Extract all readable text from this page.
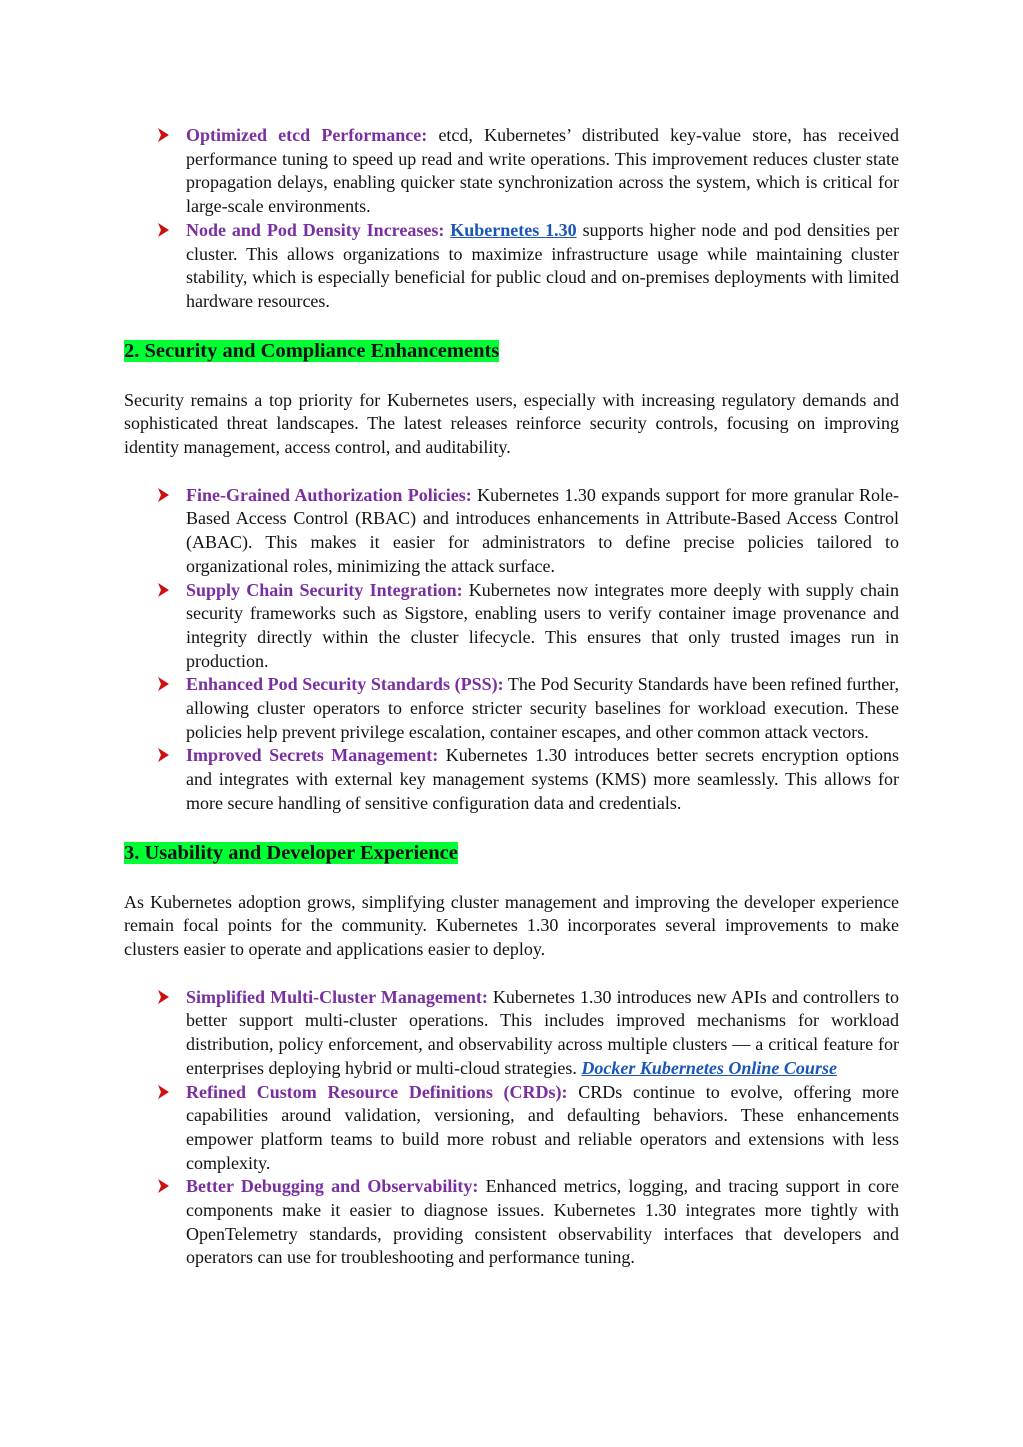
Optimized etcd Performance: etcd, Kubernetes’ distributed key-value store, has received performance tuning to speed up read and write operations. This improvement reduces cluster state propagation delays, enabling quicker state synchronization across the system, which is critical for large-scale environments.
Node and Pod Density Increases: Kubernetes 1.30 supports higher node and pod densities per cluster. This allows organizations to maximize infrastructure usage while maintaining cluster stability, which is especially beneficial for public cloud and on-premises deployments with limited hardware resources.
2. Security and Compliance Enhancements

Security remains a top priority for Kubernetes users, especially with increasing regulatory demands and sophisticated threat landscapes. The latest releases reinforce security controls, focusing on improving identity management, access control, and auditability.

Fine-Grained Authorization Policies: Kubernetes 1.30 expands support for more granular Role-Based Access Control (RBAC) and introduces enhancements in Attribute-Based Access Control (ABAC). This makes it easier for administrators to define precise policies tailored to organizational roles, minimizing the attack surface.
Supply Chain Security Integration: Kubernetes now integrates more deeply with supply chain security frameworks such as Sigstore, enabling users to verify container image provenance and integrity directly within the cluster lifecycle. This ensures that only trusted images run in production.
Enhanced Pod Security Standards (PSS): The Pod Security Standards have been refined further, allowing cluster operators to enforce stricter security baselines for workload execution. These policies help prevent privilege escalation, container escapes, and other common attack vectors.
Improved Secrets Management: Kubernetes 1.30 introduces better secrets encryption options and integrates with external key management systems (KMS) more seamlessly. This allows for more secure handling of sensitive configuration data and credentials.
3. Usability and Developer Experience

As Kubernetes adoption grows, simplifying cluster management and improving the developer experience remain focal points for the community. Kubernetes 1.30 incorporates several improvements to make clusters easier to operate and applications easier to deploy.

Simplified Multi-Cluster Management: Kubernetes 1.30 introduces new APIs and controllers to better support multi-cluster operations. This includes improved mechanisms for workload distribution, policy enforcement, and observability across multiple clusters — a critical feature for enterprises deploying hybrid or multi-cloud strategies. Docker Kubernetes Online Course
Refined Custom Resource Definitions (CRDs): CRDs continue to evolve, offering more capabilities around validation, versioning, and defaulting behaviors. These enhancements empower platform teams to build more robust and reliable operators and extensions with less complexity.
Better Debugging and Observability: Enhanced metrics, logging, and tracing support in core components make it easier to diagnose issues. Kubernetes 1.30 integrates more tightly with OpenTelemetry standards, providing consistent observability interfaces that developers and operators can use for troubleshooting and performance tuning.
